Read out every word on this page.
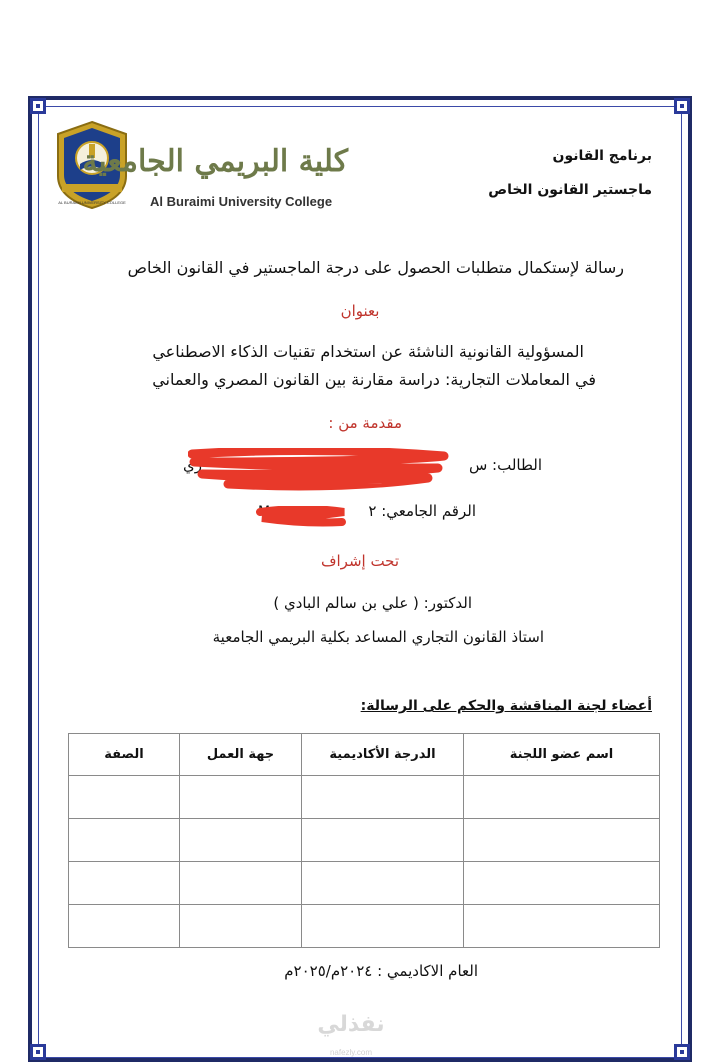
AL BURAIMI UNIVERSITY COLLEGE
كلية البريمي الجامعية
Al Buraimi University College
برنامج القانون
ماجستير القانون الخاص
رسالة لإستكمال متطلبات الحصول على درجة الماجستير في القانون الخاص
بعنوان
المسؤولية القانونية الناشئة عن استخدام تقنيات الذكاء الاصطناعي
في المعاملات التجارية: دراسة مقارنة بين القانون المصري والعماني
مقدمة من :
الطالب: س
ري
الرقم الجامعي: ٢
M
تحت إشراف
الدكتور: ( علي بن سالم البادي )
استاذ القانون التجاري المساعد بكلية البريمي الجامعية
أعضاء لجنة المناقشة والحكم على الرسالة:
اسم عضو اللجنة	الدرجة الأكاديمية	جهة العمل	الصفة

العام الاكاديمي : ٢٠٢٤م/٢٠٢٥م
نفذلي
nafezly.com
